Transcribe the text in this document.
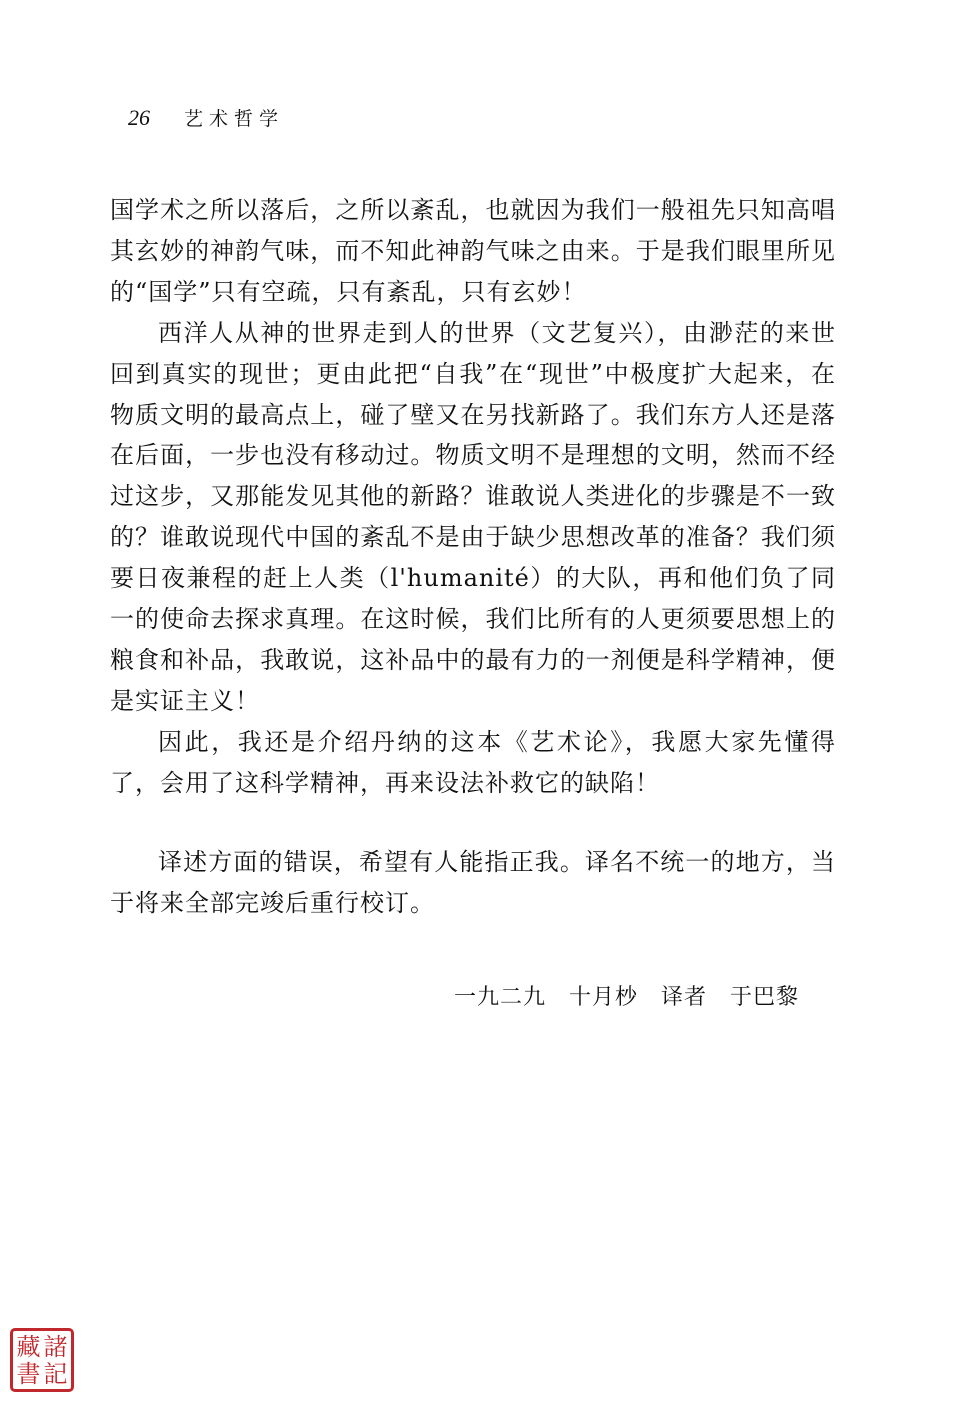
26 艺术哲学

国学术之所以落后，之所以紊乱，也就因为我们一般祖先只知高唱其玄妙的神韵气味，而不知此神韵气味之由来。于是我们眼里所见的“国学”只有空疏，只有紊乱，只有玄妙！

西洋人从神的世界走到人的世界（文艺复兴），由渺茫的来世回到真实的现世；更由此把“自我”在“现世”中极度扩大起来，在物质文明的最高点上，碰了壁又在另找新路了。我们东方人还是落在后面，一步也没有移动过。物质文明不是理想的文明，然而不经过这步，又那能发见其他的新路？谁敢说人类进化的步骤是不一致的？谁敢说现代中国的紊乱不是由于缺少思想改革的准备？我们须要日夜兼程的赶上人类（l'humanité）的大队，再和他们负了同一的使命去探求真理。在这时候，我们比所有的人更须要思想上的粮食和补品，我敢说，这补品中的最有力的一剂便是科学精神，便是实证主义！

因此，我还是介绍丹纳的这本《艺术论》，我愿大家先懂得了，会用了这科学精神，再来设法补救它的缺陷！

译述方面的错误，希望有人能指正我。译名不统一的地方，当于将来全部完竣后重行校订。

一九二九　十月杪　译者　于巴黎
諸
記
藏
書
